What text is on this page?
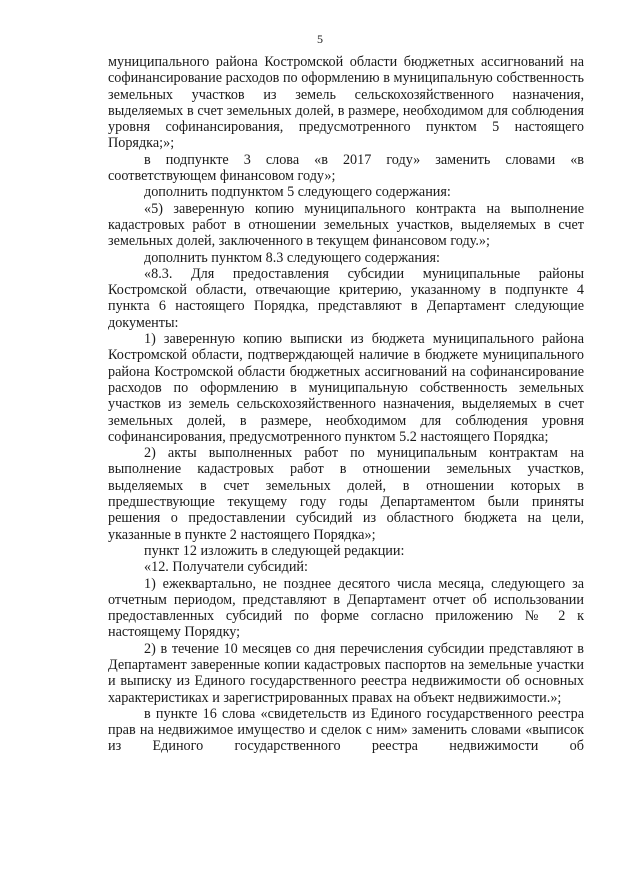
5

муниципального района Костромской области бюджетных ассигнований на софинансирование расходов по оформлению в муниципальную собственность земельных участков из земель сельскохозяйственного назначения, выделяемых в счет земельных долей, в размере, необходимом для соблюдения уровня софинансирования, предусмотренного пунктом 5 настоящего Порядка;»;

в подпункте 3 слова «в 2017 году» заменить словами «в соответствующем финансовом году»;

дополнить подпунктом 5 следующего содержания:

«5) заверенную копию муниципального контракта на выполнение кадастровых работ в отношении земельных участков, выделяемых в счет земельных долей, заключенного в текущем финансовом году.»;

дополнить пунктом 8.3 следующего содержания:

«8.3. Для предоставления субсидии муниципальные районы Костромской области, отвечающие критерию, указанному в подпункте 4 пункта 6 настоящего Порядка, представляют в Департамент следующие документы:

1) заверенную копию выписки из бюджета муниципального района Костромской области, подтверждающей наличие в бюджете муниципального района Костромской области бюджетных ассигнований на софинансирование расходов по оформлению в муниципальную собственность земельных участков из земель сельскохозяйственного назначения, выделяемых в счет земельных долей, в размере, необходимом для соблюдения уровня софинансирования, предусмотренного пунктом 5.2 настоящего Порядка;

2) акты выполненных работ по муниципальным контрактам на выполнение кадастровых работ в отношении земельных участков, выделяемых в счет земельных долей, в отношении которых в предшествующие текущему году годы Департаментом были приняты решения о предоставлении субсидий из областного бюджета на цели, указанные в пункте 2 настоящего Порядка»;

пункт 12 изложить в следующей редакции:

«12. Получатели субсидий:

1) ежеквартально, не позднее десятого числа месяца, следующего за отчетным периодом, представляют в Департамент отчет об использовании предоставленных субсидий по форме согласно приложению № 2 к настоящему Порядку;

2) в течение 10 месяцев со дня перечисления субсидии представляют в Департамент заверенные копии кадастровых паспортов на земельные участки и выписку из Единого государственного реестра недвижимости об основных характеристиках и зарегистрированных правах на объект недвижимости.»;

в пункте 16 слова «свидетельств из Единого государственного реестра прав на недвижимое имущество и сделок с ним» заменить словами «выписок из Единого государственного реестра недвижимости об
